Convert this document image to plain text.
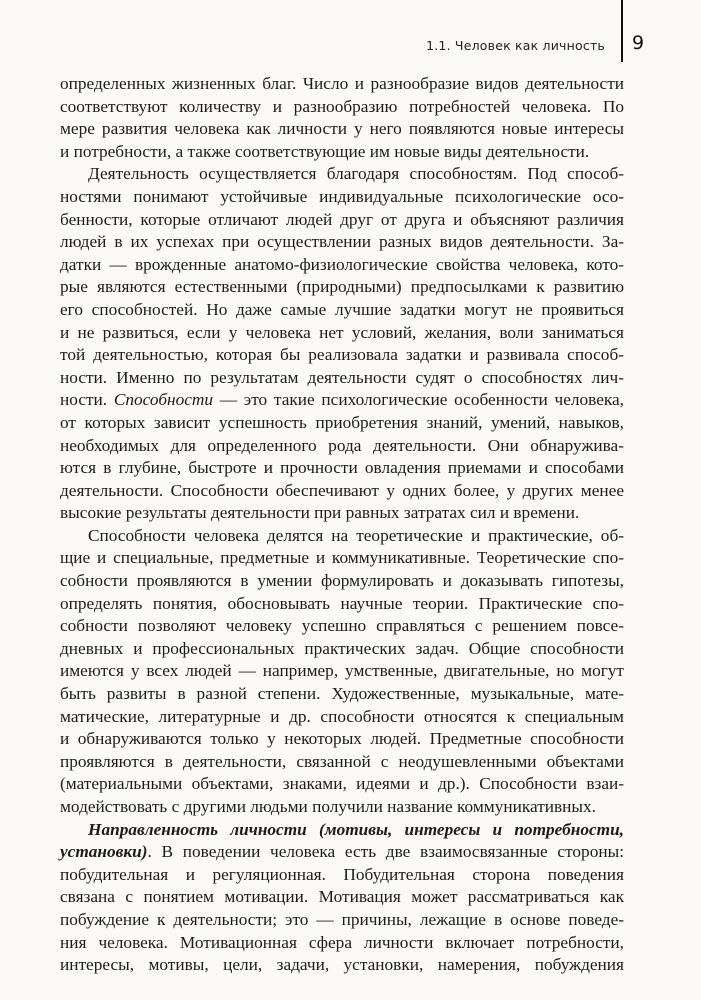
1.1. Человек как личность 9
определенных жизненных благ. Число и разнообразие видов деятельности
соответствуют количеству и разнообразию потребностей человека. По
мере развития человека как личности у него появляются новые интересы
и потребности, а также соответствующие им новые виды деятельности.
Деятельность осуществляется благодаря способностям. Под способ-
ностями понимают устойчивые индивидуальные психологические осо-
бенности, которые отличают людей друг от друга и объясняют различия
людей в их успехах при осуществлении разных видов деятельности. За-
датки — врожденные анатомо-физиологические свойства человека, кото-
рые являются естественными (природными) предпосылками к развитию
его способностей. Но даже самые лучшие задатки могут не проявиться
и не развиться, если у человека нет условий, желания, воли заниматься
той деятельностью, которая бы реализовала задатки и развивала способ-
ности. Именно по результатам деятельности судят о способностях лич-
ности. Способности — это такие психологические особенности человека,
от которых зависит успешность приобретения знаний, умений, навыков,
необходимых для определенного рода деятельности. Они обнаружива-
ются в глубине, быстроте и прочности овладения приемами и способами
деятельности. Способности обеспечивают у одних более, у других менее
высокие результаты деятельности при равных затратах сил и времени.
Способности человека делятся на теоретические и практические, об-
щие и специальные, предметные и коммуникативные. Теоретические спо-
собности проявляются в умении формулировать и доказывать гипотезы,
определять понятия, обосновывать научные теории. Практические спо-
собности позволяют человеку успешно справляться с решением повсе-
дневных и профессиональных практических задач. Общие способности
имеются у всех людей — например, умственные, двигательные, но могут
быть развиты в разной степени. Художественные, музыкальные, мате-
матические, литературные и др. способности относятся к специальным
и обнаруживаются только у некоторых людей. Предметные способности
проявляются в деятельности, связанной с неодушевленными объектами
(материальными объектами, знаками, идеями и др.). Способности взаи-
модействовать с другими людьми получили название коммуникативных.
Направленность личности (мотивы, интересы и потребности,
установки). В поведении человека есть две взаимосвязанные стороны:
побудительная и регуляционная. Побудительная сторона поведения
связана с понятием мотивации. Мотивация может рассматриваться как
побуждение к деятельности; это — причины, лежащие в основе поведе-
ния человека. Мотивационная сфера личности включает потребности,
интересы, мотивы, цели, задачи, установки, намерения, побуждения
